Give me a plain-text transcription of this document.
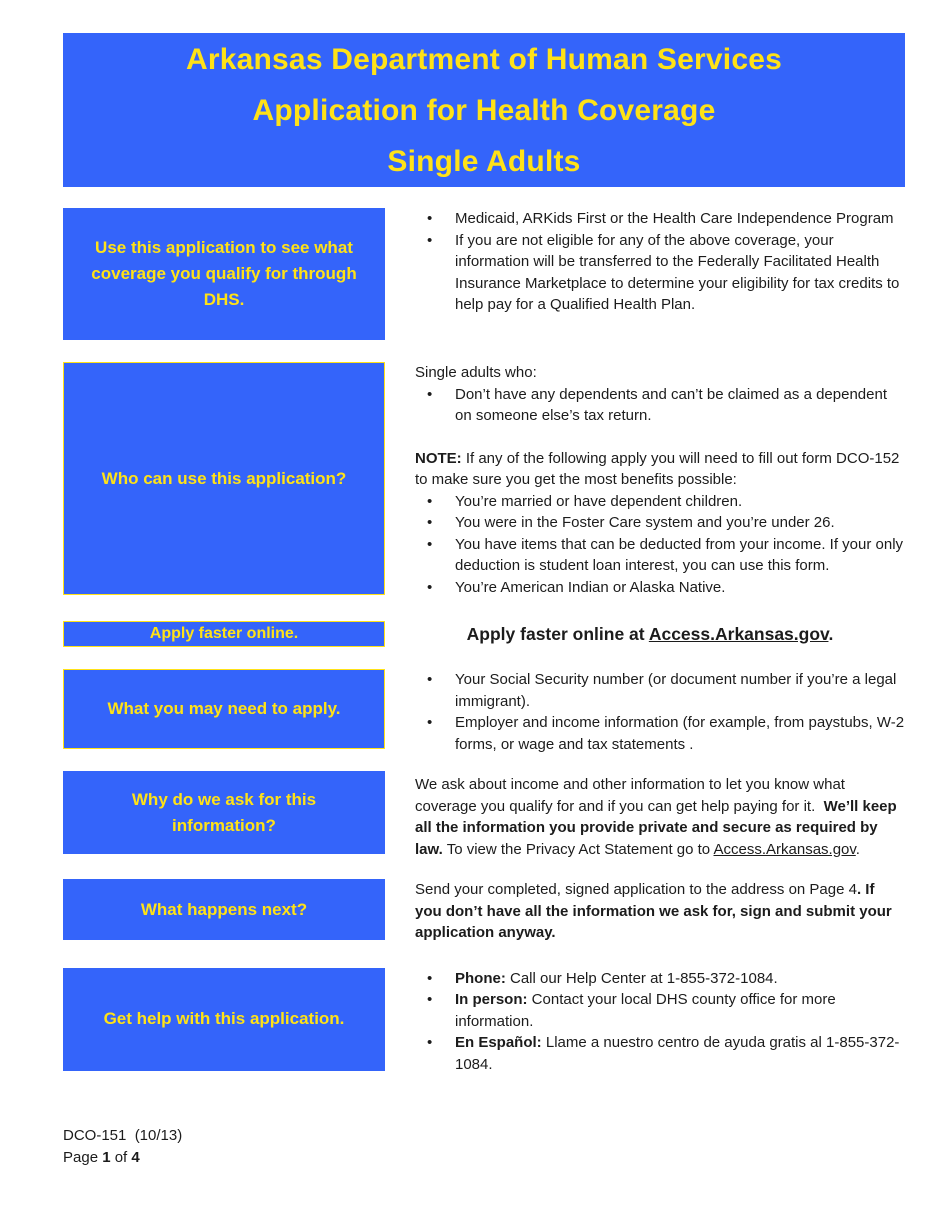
Arkansas Department of Human Services
Application for Health Coverage
Single Adults
Use this application to see what coverage you qualify for through DHS.
• Medicaid, ARKids First or the Health Care Independence Program
• If you are not eligible for any of the above coverage, your information will be transferred to the Federally Facilitated Health Insurance Marketplace to determine your eligibility for tax credits to help pay for a Qualified Health Plan.
Who can use this application?
Single adults who:
• Don’t have any dependents and can’t be claimed as a dependent on someone else’s tax return.
NOTE: If any of the following apply you will need to fill out form DCO-152 to make sure you get the most benefits possible:
• You’re married or have dependent children.
• You were in the Foster Care system and you’re under 26.
• You have items that can be deducted from your income. If your only deduction is student loan interest, you can use this form.
• You’re American Indian or Alaska Native.
Apply faster online.	Apply faster online at Access.Arkansas.gov.
What you may need to apply.
• Your Social Security number (or document number if you’re a legal immigrant).
• Employer and income information (for example, from paystubs, W-2 forms, or wage and tax statements .
Why do we ask for this information?
We ask about income and other information to let you know what coverage you qualify for and if you can get help paying for it.  We’ll keep all the information you provide private and secure as required by law. To view the Privacy Act Statement go to Access.Arkansas.gov.
What happens next?
Send your completed, signed application to the address on Page 4. If you don’t have all the information we ask for, sign and submit your application anyway.
Get help with this application.
• Phone: Call our Help Center at 1-855-372-1084.
• In person: Contact your local DHS county office for more information.
• En Español: Llame a nuestro centro de ayuda gratis al 1-855-372-1084.
DCO-151  (10/13)
Page 1 of 4
